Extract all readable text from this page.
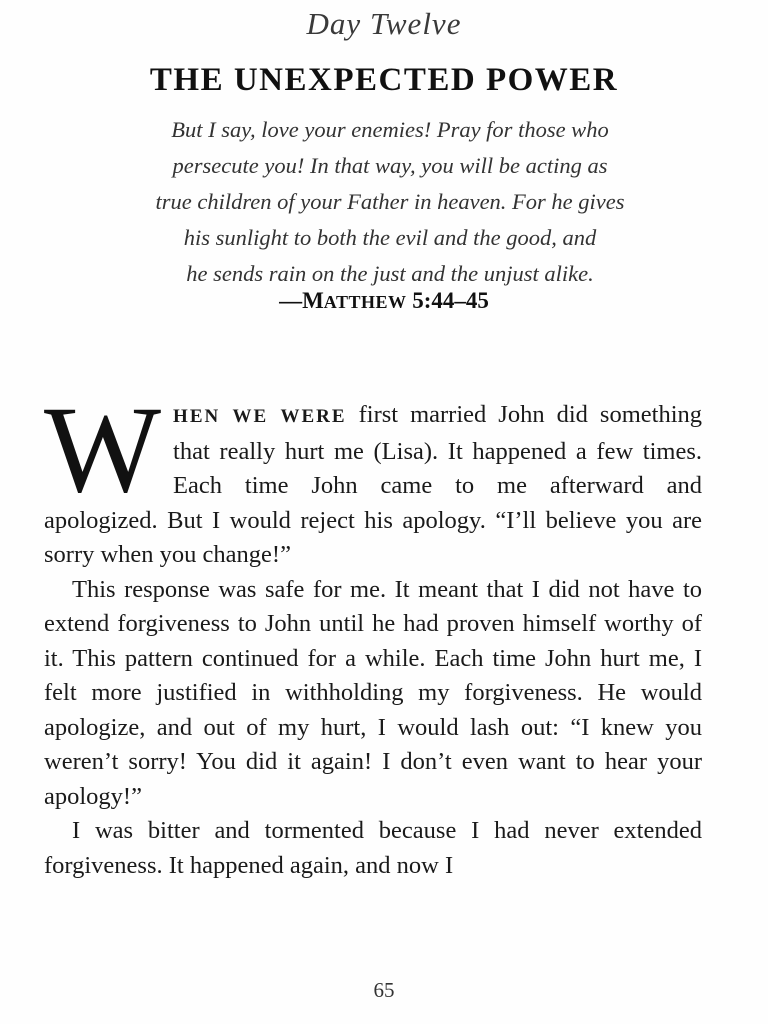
Day Twelve
THE UNEXPECTED POWER
But I say, love your enemies! Pray for those who
persecute you! In that way, you will be acting as
true children of your Father in heaven. For he gives
his sunlight to both the evil and the good, and
he sends rain on the just and the unjust alike.
—MATTHEW 5:44–45

WHEN WE WERE first married John did something that really hurt me (Lisa). It happened a few times. Each time John came to me afterward and apologized. But I would reject his apology. “I’ll believe you are sorry when you change!”

This response was safe for me. It meant that I did not have to extend forgiveness to John until he had proven himself worthy of it. This pattern continued for a while. Each time John hurt me, I felt more justified in withholding my forgiveness. He would apologize, and out of my hurt, I would lash out: “I knew you weren’t sorry! You did it again! I don’t even want to hear your apology!”

I was bitter and tormented because I had never extended forgiveness. It happened again, and now I

65
